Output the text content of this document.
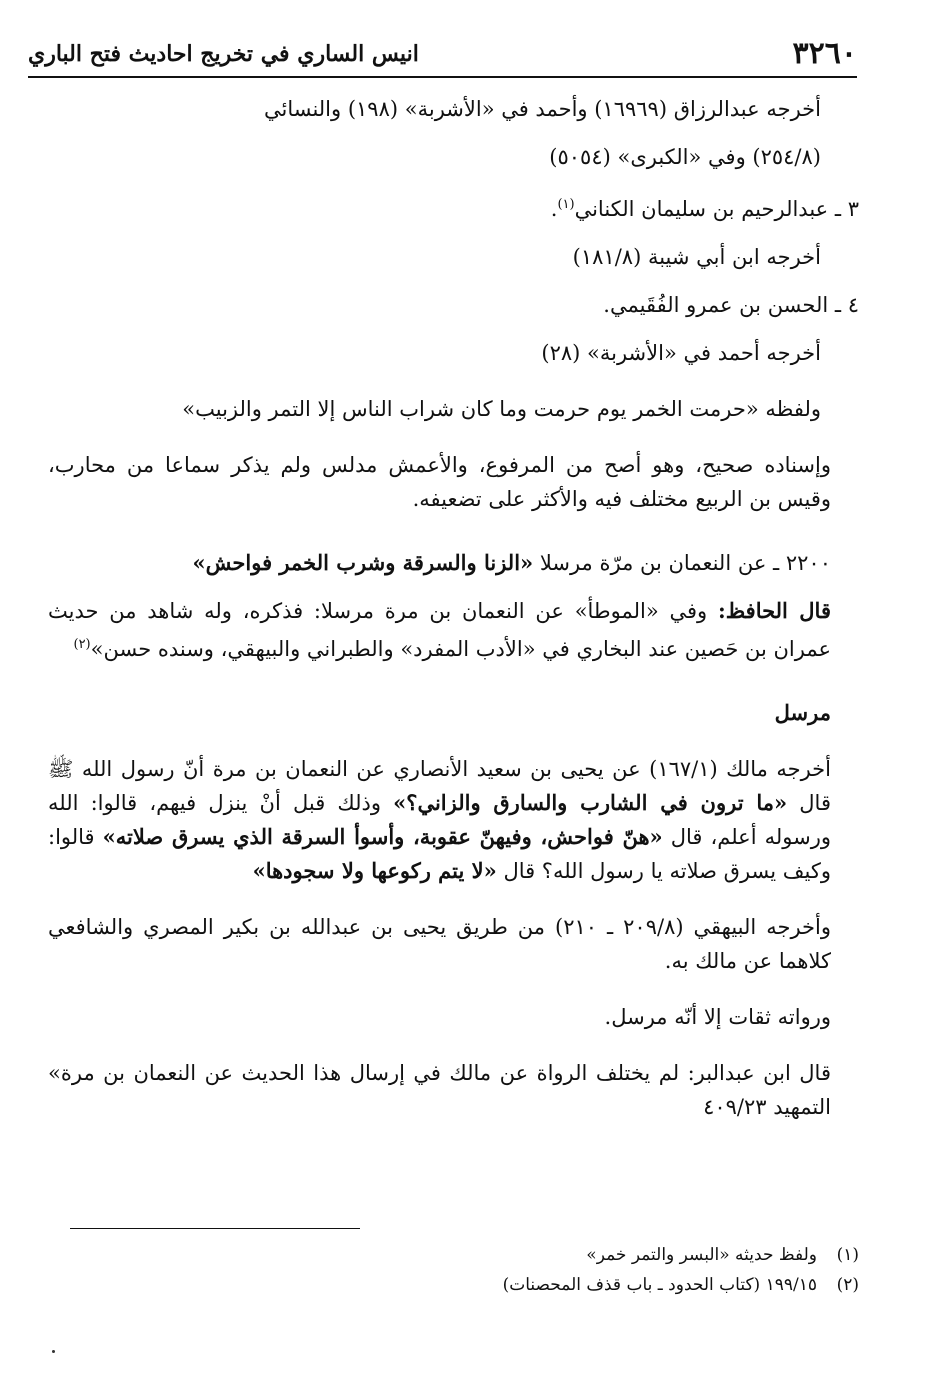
٣٢٦٠
انيس الساري في تخريج احاديث فتح الباري

أخرجه عبدالرزاق (١٦٩٦٩) وأحمد في «الأشربة» (١٩٨) والنسائي

(٢٥٤/٨) وفي «الكبرى» (٥٠٥٤)

٣ ـ عبدالرحيم بن سليمان الكناني$^{(١)}$.

أخرجه ابن أبي شيبة (١٨١/٨)

٤ ـ الحسن بن عمرو الفُقَيمي.

أخرجه أحمد في «الأشربة» (٢٨)

ولفظه «حرمت الخمر يوم حرمت وما كان شراب الناس إلا التمر والزبيب»

وإسناده صحيح، وهو أصح من المرفوع، والأعمش مدلس ولم يذكر سماعا من محارب، وقيس بن الربيع مختلف فيه والأكثر على تضعيفه.

٢٢٠٠ ـ عن النعمان بن مرّة مرسلا «الزنا والسرقة وشرب الخمر فواحش»

قال الحافظ: وفي «الموطأ» عن النعمان بن مرة مرسلا: فذكره، وله شاهد من حديث عمران بن حَصين عند البخاري في «الأدب المفرد» والطبراني والبيهقي، وسنده حسن»$^{(٢)}$

مرسل

أخرجه مالك (١٦٧/١) عن يحيى بن سعيد الأنصاري عن النعمان بن مرة أنّ رسول الله ﷺ قال «ما ترون في الشارب والسارق والزاني؟» وذلك قبل أنْ ينزل فيهم، قالوا: الله ورسوله أعلم، قال «هنّ فواحش، وفيهنّ عقوبة، وأسوأ السرقة الذي يسرق صلاته» قالوا: وكيف يسرق صلاته يا رسول الله؟ قال «لا يتم ركوعها ولا سجودها»

وأخرجه البيهقي (٢٠٩/٨ ـ ٢١٠) من طريق يحيى بن عبدالله بن بكير المصري والشافعي كلاهما عن مالك به.

ورواته ثقات إلا أنّه مرسل.

قال ابن عبدالبر: لم يختلف الرواة عن مالك في إرسال هذا الحديث عن النعمان بن مرة» التمهيد ٤٠٩/٢٣

(١)
ولفظ حديثه «البسر والتمر خمر»
(٢)
١٩٩/١٥ (كتاب الحدود ـ باب قذف المحصنات)
